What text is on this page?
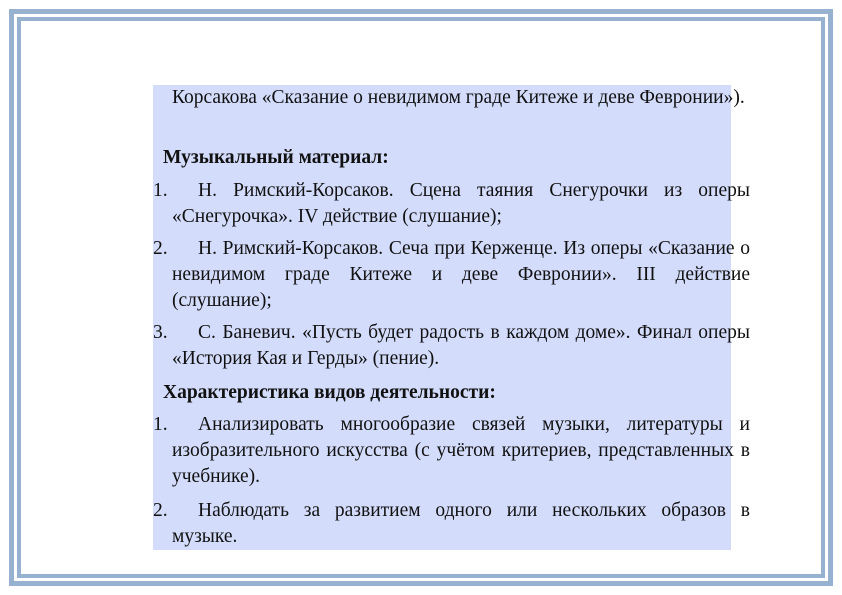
Корсакова «Сказание о невидимом граде Китеже и деве Февронии»).

Музыкальный материал:

1. Н. Римский-Корсаков. Сцена таяния Снегурочки из оперы «Снегурочка». IV действие (слушание);

2. Н. Римский-Корсаков. Сеча при Керженце. Из оперы «Сказание о невидимом граде Китеже и деве Февронии». III действие (слушание);

3. С. Баневич. «Пусть будет радость в каждом доме». Финал оперы «История Кая и Герды» (пение).

Характеристика видов деятельности:

1. Анализировать многообразие связей музыки, литературы и изобразительного искусства (с учётом критериев, представленных в учебнике).

2. Наблюдать за развитием одного или нескольких образов в музыке.
